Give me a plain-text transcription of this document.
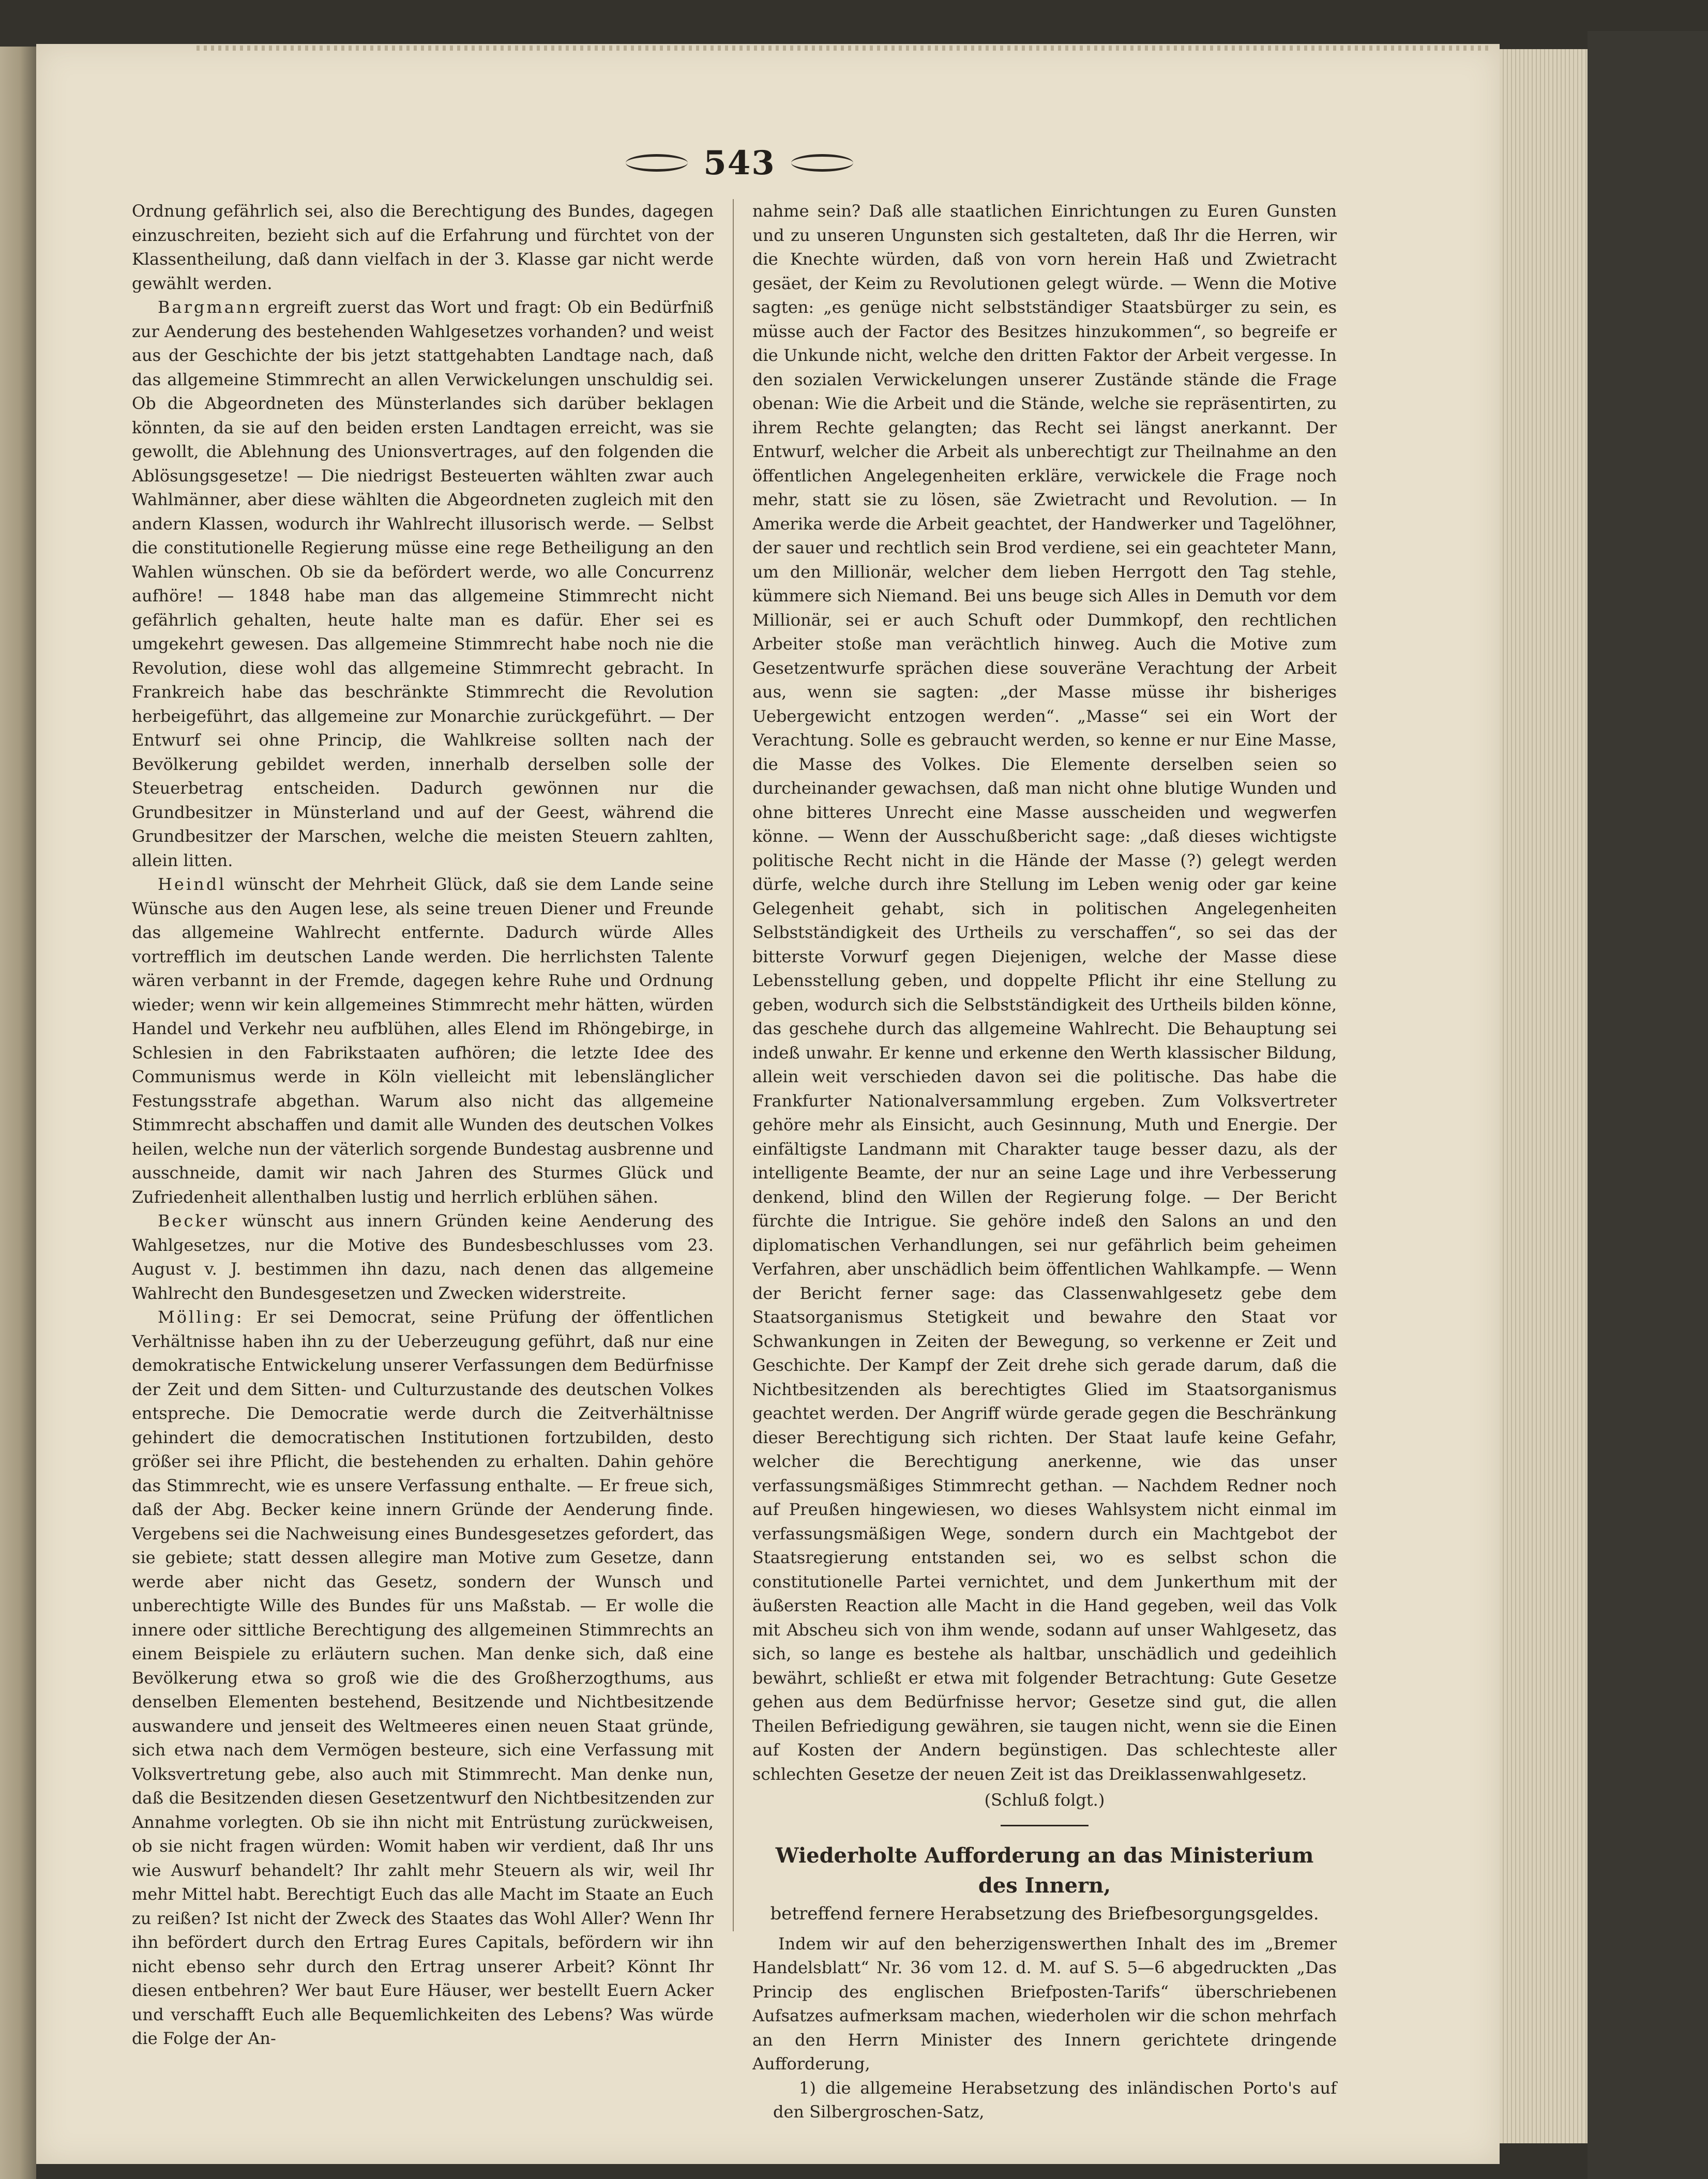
543

Ordnung gefährlich sei, also die Berechtigung des Bundes, dagegen einzuschreiten, bezieht sich auf die Erfahrung und fürchtet von der Klassentheilung, daß dann vielfach in der 3. Klasse gar nicht werde gewählt werden.

Bargmann ergreift zuerst das Wort und fragt: Ob ein Bedürfniß zur Aenderung des bestehenden Wahlgesetzes vorhanden? und weist aus der Geschichte der bis jetzt stattgehabten Landtage nach, daß das allgemeine Stimmrecht an allen Verwickelungen unschuldig sei. Ob die Abgeordneten des Münsterlandes sich darüber beklagen könnten, da sie auf den beiden ersten Landtagen erreicht, was sie gewollt, die Ablehnung des Unionsvertrages, auf den folgenden die Ablösungsgesetze! — Die niedrigst Besteuerten wählten zwar auch Wahlmänner, aber diese wählten die Abgeordneten zugleich mit den andern Klassen, wodurch ihr Wahlrecht illusorisch werde. — Selbst die constitutionelle Regierung müsse eine rege Betheiligung an den Wahlen wünschen. Ob sie da befördert werde, wo alle Concurrenz aufhöre! — 1848 habe man das allgemeine Stimmrecht nicht gefährlich gehalten, heute halte man es dafür. Eher sei es umgekehrt gewesen. Das allgemeine Stimmrecht habe noch nie die Revolution, diese wohl das allgemeine Stimmrecht gebracht. In Frankreich habe das beschränkte Stimmrecht die Revolution herbeigeführt, das allgemeine zur Monarchie zurückgeführt. — Der Entwurf sei ohne Princip, die Wahlkreise sollten nach der Bevölkerung gebildet werden, innerhalb derselben solle der Steuerbetrag entscheiden. Dadurch gewönnen nur die Grundbesitzer in Münsterland und auf der Geest, während die Grundbesitzer der Marschen, welche die meisten Steuern zahlten, allein litten.

Heindl wünscht der Mehrheit Glück, daß sie dem Lande seine Wünsche aus den Augen lese, als seine treuen Diener und Freunde das allgemeine Wahlrecht entfernte. Dadurch würde Alles vortrefflich im deutschen Lande werden. Die herrlichsten Talente wären verbannt in der Fremde, dagegen kehre Ruhe und Ordnung wieder; wenn wir kein allgemeines Stimmrecht mehr hätten, würden Handel und Verkehr neu aufblühen, alles Elend im Rhöngebirge, in Schlesien in den Fabrikstaaten aufhören; die letzte Idee des Communismus werde in Köln vielleicht mit lebenslänglicher Festungsstrafe abgethan. Warum also nicht das allgemeine Stimmrecht abschaffen und damit alle Wunden des deutschen Volkes heilen, welche nun der väterlich sorgende Bundestag ausbrenne und ausschneide, damit wir nach Jahren des Sturmes Glück und Zufriedenheit allenthalben lustig und herrlich erblühen sähen.

Becker wünscht aus innern Gründen keine Aenderung des Wahlgesetzes, nur die Motive des Bundesbeschlusses vom 23. August v. J. bestimmen ihn dazu, nach denen das allgemeine Wahlrecht den Bundesgesetzen und Zwecken widerstreite.

Mölling: Er sei Democrat, seine Prüfung der öffentlichen Verhältnisse haben ihn zu der Ueberzeugung geführt, daß nur eine demokratische Entwickelung unserer Verfassungen dem Bedürfnisse der Zeit und dem Sitten- und Culturzustande des deutschen Volkes entspreche. Die Democratie werde durch die Zeitverhältnisse gehindert die democratischen Institutionen fortzubilden, desto größer sei ihre Pflicht, die bestehenden zu erhalten. Dahin gehöre das Stimmrecht, wie es unsere Verfassung enthalte. — Er freue sich, daß der Abg. Becker keine innern Gründe der Aenderung finde. Vergebens sei die Nachweisung eines Bundesgesetzes gefordert, das sie gebiete; statt dessen allegire man Motive zum Gesetze, dann werde aber nicht das Gesetz, sondern der Wunsch und unberechtigte Wille des Bundes für uns Maßstab. — Er wolle die innere oder sittliche Berechtigung des allgemeinen Stimmrechts an einem Beispiele zu erläutern suchen. Man denke sich, daß eine Bevölkerung etwa so groß wie die des Großherzogthums, aus denselben Elementen bestehend, Besitzende und Nichtbesitzende auswandere und jenseit des Weltmeeres einen neuen Staat gründe, sich etwa nach dem Vermögen besteure, sich eine Verfassung mit Volksvertretung gebe, also auch mit Stimmrecht. Man denke nun, daß die Besitzenden diesen Gesetzentwurf den Nichtbesitzenden zur Annahme vorlegten. Ob sie ihn nicht mit Entrüstung zurückweisen, ob sie nicht fragen würden: Womit haben wir verdient, daß Ihr uns wie Auswurf behandelt? Ihr zahlt mehr Steuern als wir, weil Ihr mehr Mittel habt. Berechtigt Euch das alle Macht im Staate an Euch zu reißen? Ist nicht der Zweck des Staates das Wohl Aller? Wenn Ihr ihn befördert durch den Ertrag Eures Capitals, befördern wir ihn nicht ebenso sehr durch den Ertrag unserer Arbeit? Könnt Ihr diesen entbehren? Wer baut Eure Häuser, wer bestellt Euern Acker und verschafft Euch alle Bequemlichkeiten des Lebens? Was würde die Folge der An-

nahme sein? Daß alle staatlichen Einrichtungen zu Euren Gunsten und zu unseren Ungunsten sich gestalteten, daß Ihr die Herren, wir die Knechte würden, daß von vorn herein Haß und Zwietracht gesäet, der Keim zu Revolutionen gelegt würde. — Wenn die Motive sagten: „es genüge nicht selbstständiger Staatsbürger zu sein, es müsse auch der Factor des Besitzes hinzukommen“, so begreife er die Unkunde nicht, welche den dritten Faktor der Arbeit vergesse. In den sozialen Verwickelungen unserer Zustände stände die Frage obenan: Wie die Arbeit und die Stände, welche sie repräsentirten, zu ihrem Rechte gelangten; das Recht sei längst anerkannt. Der Entwurf, welcher die Arbeit als unberechtigt zur Theilnahme an den öffentlichen Angelegenheiten erkläre, verwickele die Frage noch mehr, statt sie zu lösen, säe Zwietracht und Revolution. — In Amerika werde die Arbeit geachtet, der Handwerker und Tagelöhner, der sauer und rechtlich sein Brod verdiene, sei ein geachteter Mann, um den Millionär, welcher dem lieben Herrgott den Tag stehle, kümmere sich Niemand. Bei uns beuge sich Alles in Demuth vor dem Millionär, sei er auch Schuft oder Dummkopf, den rechtlichen Arbeiter stoße man verächtlich hinweg. Auch die Motive zum Gesetzentwurfe sprächen diese souveräne Verachtung der Arbeit aus, wenn sie sagten: „der Masse müsse ihr bisheriges Uebergewicht entzogen werden“. „Masse“ sei ein Wort der Verachtung. Solle es gebraucht werden, so kenne er nur Eine Masse, die Masse des Volkes. Die Elemente derselben seien so durcheinander gewachsen, daß man nicht ohne blutige Wunden und ohne bitteres Unrecht eine Masse ausscheiden und wegwerfen könne. — Wenn der Ausschußbericht sage: „daß dieses wichtigste politische Recht nicht in die Hände der Masse (?) gelegt werden dürfe, welche durch ihre Stellung im Leben wenig oder gar keine Gelegenheit gehabt, sich in politischen Angelegenheiten Selbstständigkeit des Urtheils zu verschaffen“, so sei das der bitterste Vorwurf gegen Diejenigen, welche der Masse diese Lebensstellung geben, und doppelte Pflicht ihr eine Stellung zu geben, wodurch sich die Selbstständigkeit des Urtheils bilden könne, das geschehe durch das allgemeine Wahlrecht. Die Behauptung sei indeß unwahr. Er kenne und erkenne den Werth klassischer Bildung, allein weit verschieden davon sei die politische. Das habe die Frankfurter Nationalversammlung ergeben. Zum Volksvertreter gehöre mehr als Einsicht, auch Gesinnung, Muth und Energie. Der einfältigste Landmann mit Charakter tauge besser dazu, als der intelligente Beamte, der nur an seine Lage und ihre Verbesserung denkend, blind den Willen der Regierung folge. — Der Bericht fürchte die Intrigue. Sie gehöre indeß den Salons an und den diplomatischen Verhandlungen, sei nur gefährlich beim geheimen Verfahren, aber unschädlich beim öffentlichen Wahlkampfe. — Wenn der Bericht ferner sage: das Classenwahlgesetz gebe dem Staatsorganismus Stetigkeit und bewahre den Staat vor Schwankungen in Zeiten der Bewegung, so verkenne er Zeit und Geschichte. Der Kampf der Zeit drehe sich gerade darum, daß die Nichtbesitzenden als berechtigtes Glied im Staatsorganismus geachtet werden. Der Angriff würde gerade gegen die Beschränkung dieser Berechtigung sich richten. Der Staat laufe keine Gefahr, welcher die Berechtigung anerkenne, wie das unser verfassungsmäßiges Stimmrecht gethan. — Nachdem Redner noch auf Preußen hingewiesen, wo dieses Wahlsystem nicht einmal im verfassungsmäßigen Wege, sondern durch ein Machtgebot der Staatsregierung entstanden sei, wo es selbst schon die constitutionelle Partei vernichtet, und dem Junkerthum mit der äußersten Reaction alle Macht in die Hand gegeben, weil das Volk mit Abscheu sich von ihm wende, sodann auf unser Wahlgesetz, das sich, so lange es bestehe als haltbar, unschädlich und gedeihlich bewährt, schließt er etwa mit folgender Betrachtung: Gute Gesetze gehen aus dem Bedürfnisse hervor; Gesetze sind gut, die allen Theilen Befriedigung gewähren, sie taugen nicht, wenn sie die Einen auf Kosten der Andern begünstigen. Das schlechteste aller schlechten Gesetze der neuen Zeit ist das Dreiklassenwahlgesetz.

(Schluß folgt.)
Wiederholte Aufforderung an das Ministerium des Innern,
betreffend fernere Herabsetzung des Briefbesorgungsgeldes.

Indem wir auf den beherzigenswerthen Inhalt des im „Bremer Handelsblatt“ Nr. 36 vom 12. d. M. auf S. 5—6 abgedruckten „Das Princip des englischen Briefposten-Tarifs“ überschriebenen Aufsatzes aufmerksam machen, wiederholen wir die schon mehrfach an den Herrn Minister des Innern gerichtete dringende Aufforderung,

1) die allgemeine Herabsetzung des inländischen Porto's auf den Silbergroschen-Satz,
